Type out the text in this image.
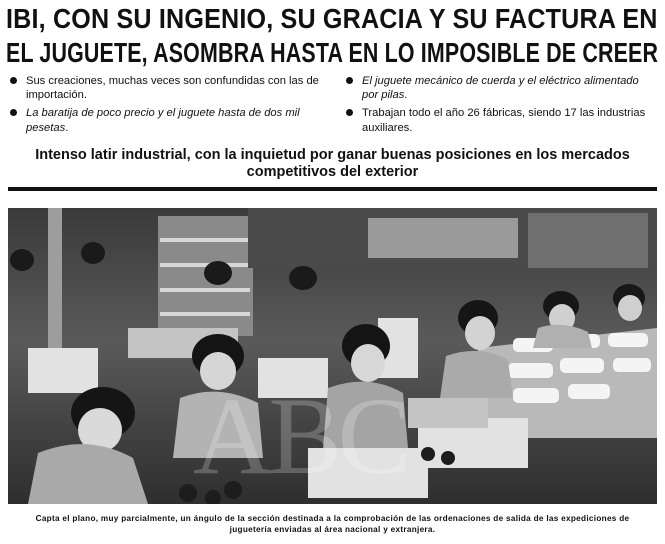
IBI, CON SU INGENIO, SU GRACIA Y SU FACTURA EN
EL JUGUETE, ASOMBRA HASTA EN LO IMPOSIBLE DE CREER
Sus creaciones, muchas veces son confundidas con las de importación.
La baratija de poco precio y el juguete hasta de dos mil pesetas.
El juguete mecánico de cuerda y el eléctrico alimentado por pilas.
Trabajan todo el año 26 fábricas, siendo 17 las industrias auxiliares.
Intenso latir industrial, con la inquietud por ganar buenas posiciones en los mercados competitivos del exterior
ABC
Capta el plano, muy parcialmente, un ángulo de la sección destinada a la comprobación de las ordenaciones de salida de las expediciones de juguetería enviadas al área nacional y extranjera.
